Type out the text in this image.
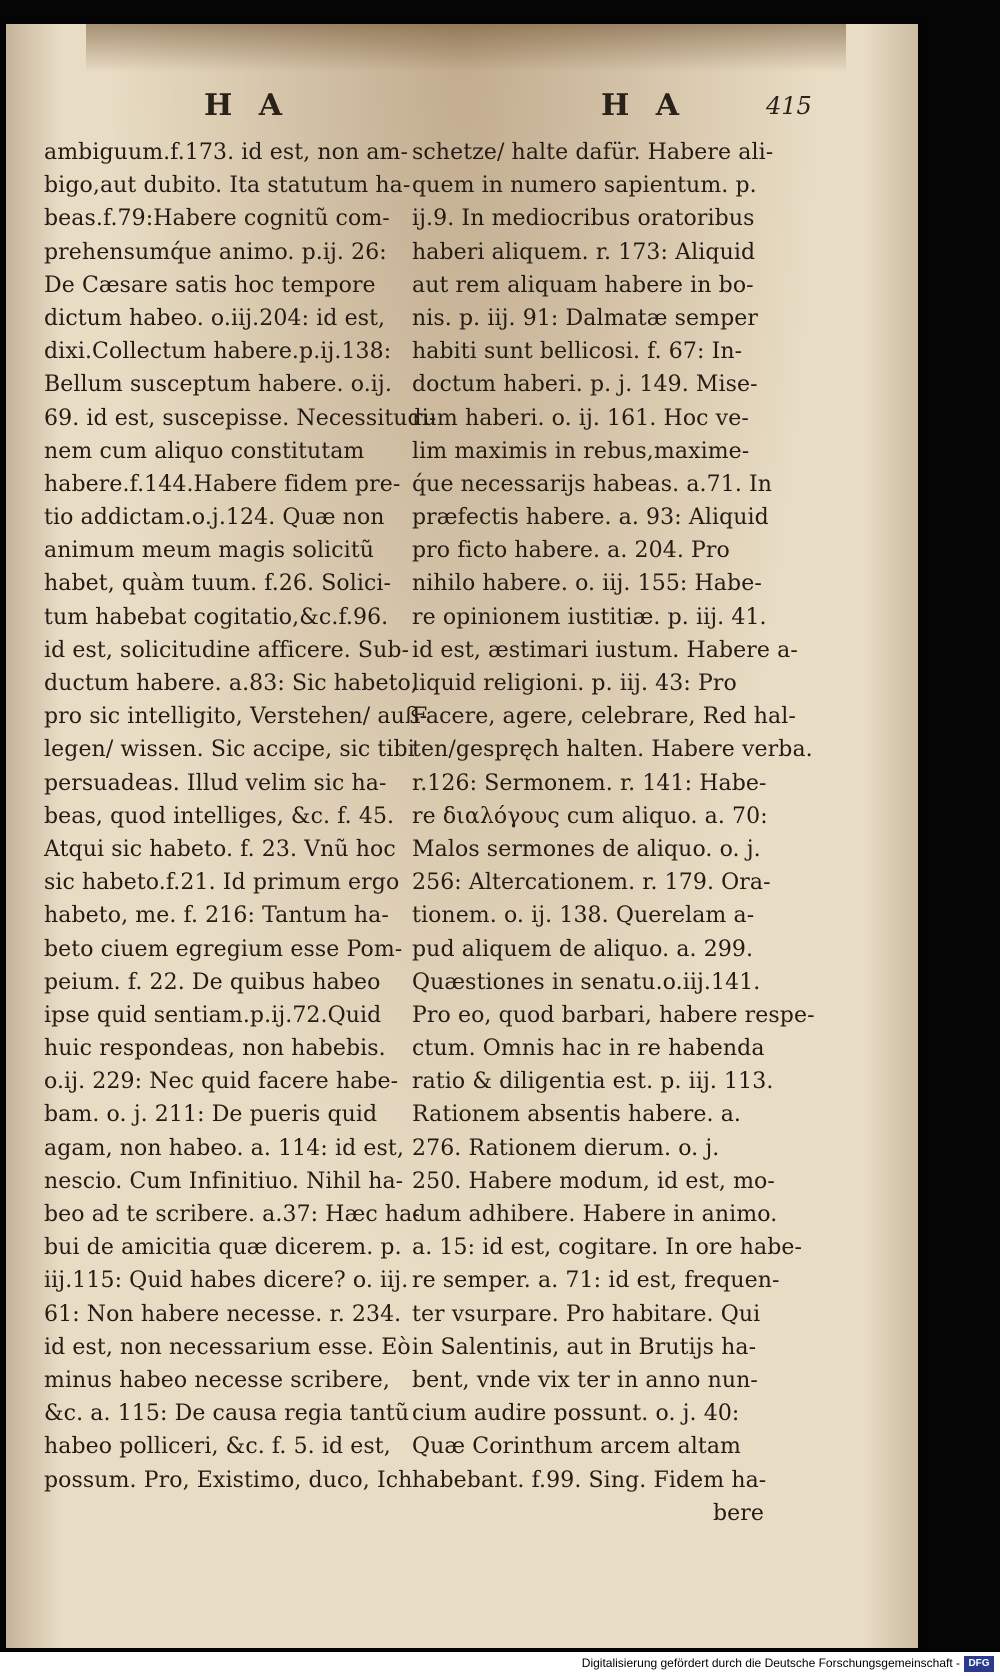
H A	H A	415
ambiguum.f.173. id est, non am-
bigo,aut dubito. Ita statutum ha-
beas.f.79:Habere cognitũ com-
prehensumq́ue animo. p.ij. 26:
De Cæsare satis hoc tempore
dictum habeo. o.iij.204: id est,
dixi.Collectum habere.p.ij.138:
Bellum susceptum habere. o.ij.
69. id est, suscepisse. Necessitudi-
nem cum aliquo constitutam
habere.f.144.Habere fidem pre-
tio addictam.o.j.124. Quæ non
animum meum magis solicitũ
habet, quàm tuum. f.26. Solici-
tum habebat cogitatio,&c.f.96.
id est, solicitudine afficere. Sub-
ductum habere. a.83: Sic habeto,
pro sic intelligito, Verstehen/ auß-
legen/ wissen. Sic accipe, sic tibi
persuadeas. Illud velim sic ha-
beas, quod intelliges, &c. f. 45.
Atqui sic habeto. f. 23. Vnũ hoc
sic habeto.f.21. Id primum ergo
habeto, me. f. 216: Tantum ha-
beto ciuem egregium esse Pom-
peium. f. 22. De quibus habeo
ipse quid sentiam.p.ij.72.Quid
huic respondeas, non habebis.
o.ij. 229: Nec quid facere habe-
bam. o. j. 211: De pueris quid
agam, non habeo. a. 114: id est,
nescio. Cum Infinitiuo. Nihil ha-
beo ad te scribere. a.37: Hæc ha-
bui de amicitia quæ dicerem. p.
iij.115: Quid habes dicere? o. iij.
61: Non habere necesse. r. 234.
id est, non necessarium esse. Eò
minus habeo necesse scribere,
&c. a. 115: De causa regia tantũ
habeo polliceri, &c. f. 5. id est,
possum. Pro, Existimo, duco, Ich
schetze/ halte dafür. Habere ali-
quem in numero sapientum. p.
ij.9. In mediocribus oratoribus
haberi aliquem. r. 173: Aliquid
aut rem aliquam habere in bo-
nis. p. iij. 91: Dalmatæ semper
habiti sunt bellicosi. f. 67: In-
doctum haberi. p. j. 149. Mise-
rum haberi. o. ij. 161. Hoc ve-
lim maximis in rebus,maxime-
q́ue necessarijs habeas. a.71. In
præfectis habere. a. 93: Aliquid
pro ficto habere. a. 204. Pro
nihilo habere. o. iij. 155: Habe-
re opinionem iustitiæ. p. iij. 41.
id est, æstimari iustum. Habere a-
liquid religioni. p. iij. 43: Pro
Facere, agere, celebrare, Red hal-
ten/gespręch halten. Habere verba.
r.126: Sermonem. r. 141: Habe-
re διαλόγους cum aliquo. a. 70:
Malos sermones de aliquo. o. j.
256: Altercationem. r. 179. Ora-
tionem. o. ij. 138. Querelam a-
pud aliquem de aliquo. a. 299.
Quæstiones in senatu.o.iij.141.
Pro eo, quod barbari, habere respe-
ctum. Omnis hac in re habenda
ratio & diligentia est. p. iij. 113.
Rationem absentis habere. a.
276. Rationem dierum. o. j.
250. Habere modum, id est, mo-
dum adhibere. Habere in animo.
a. 15: id est, cogitare. In ore habe-
re semper. a. 71: id est, frequen-
ter vsurpare. Pro habitare. Qui
in Salentinis, aut in Brutijs ha-
bent, vnde vix ter in anno nun-
cium audire possunt. o. j. 40:
Quæ Corinthum arcem altam
habebant. f.99. Sing. Fidem ha-
bere
Digitalisierung gefördert durch die Deutsche Forschungsgemeinschaft - DFG
